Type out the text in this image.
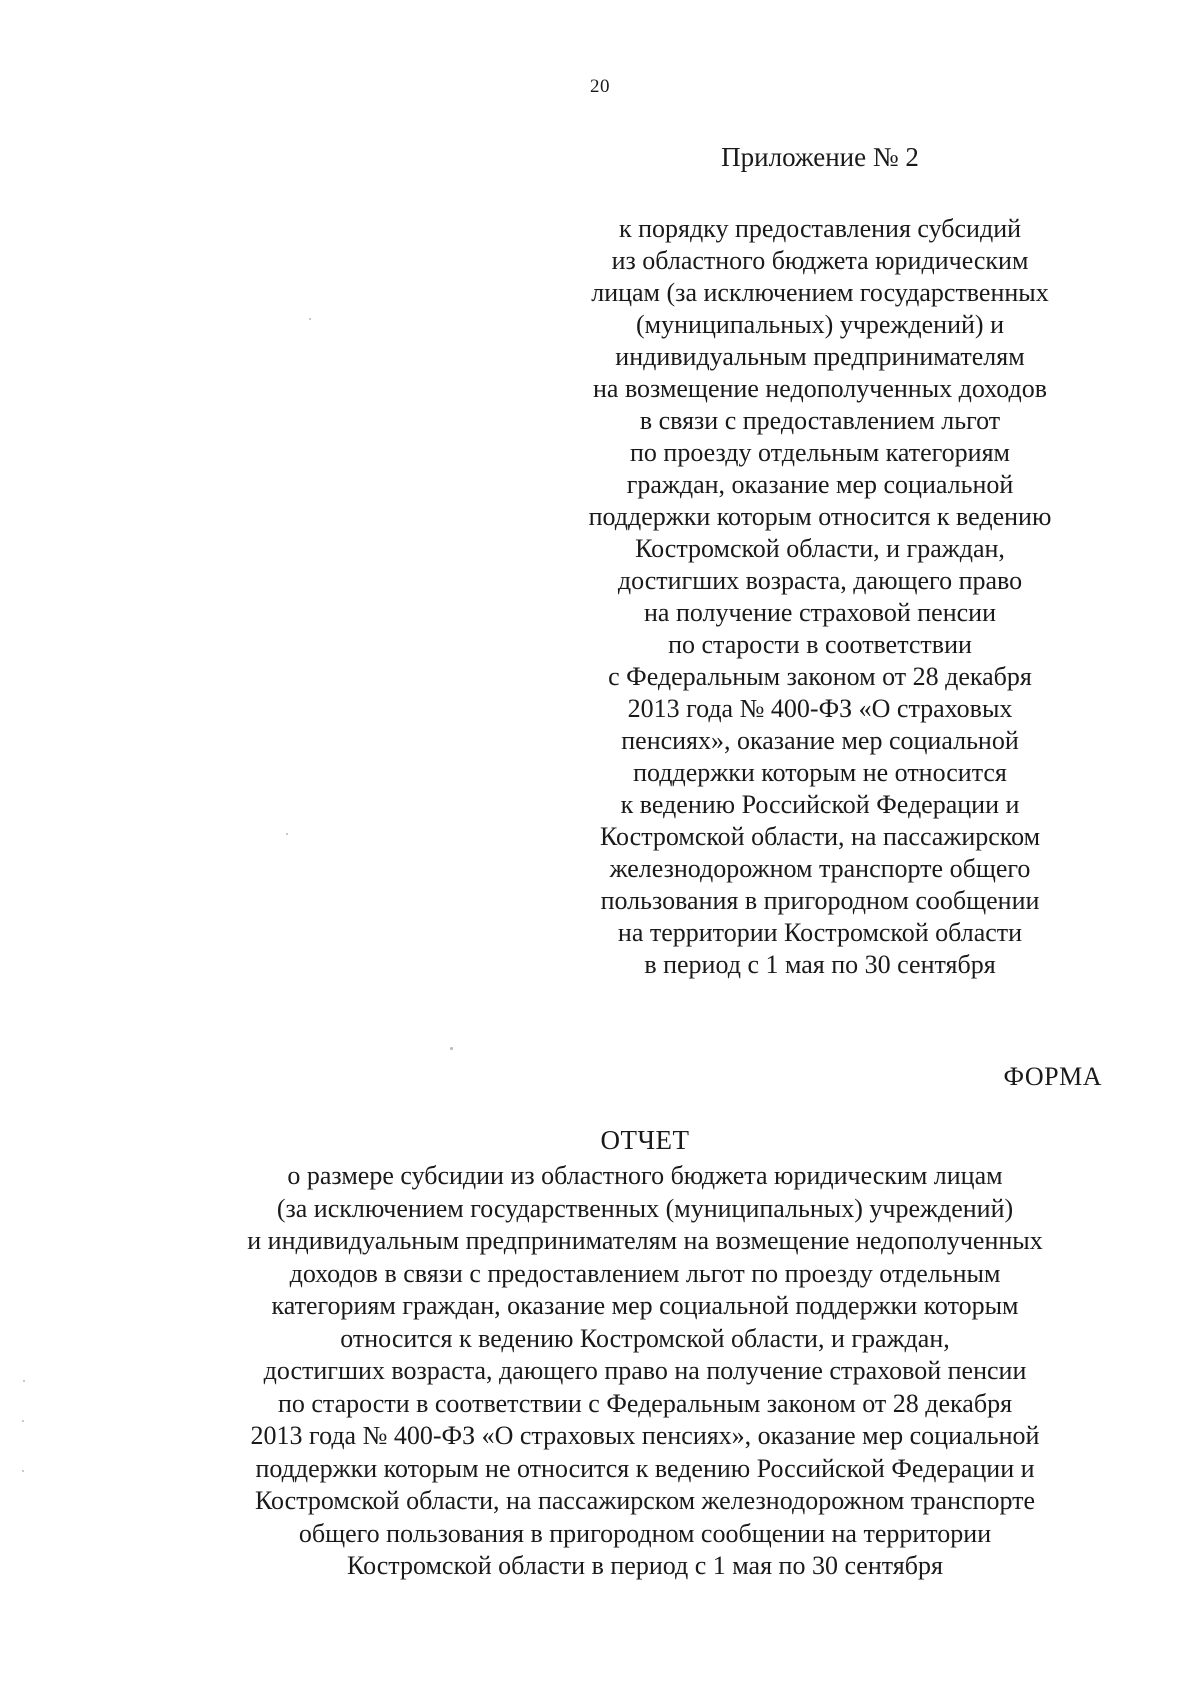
20
Приложение № 2
к порядку предоставления субсидий
из областного бюджета юридическим
лицам (за исключением государственных
(муниципальных) учреждений) и
индивидуальным предпринимателям
на возмещение недополученных доходов
в связи с предоставлением льгот
по проезду отдельным категориям
граждан, оказание мер социальной
поддержки которым относится к ведению
Костромской области, и граждан,
достигших возраста, дающего право
на получение страховой пенсии
по старости в соответствии
с Федеральным законом от 28 декабря
2013 года № 400-ФЗ «О страховых
пенсиях», оказание мер социальной
поддержки которым не относится
к ведению Российской Федерации и
Костромской области, на пассажирском
железнодорожном транспорте общего
пользования в пригородном сообщении
на территории Костромской области
в период с 1 мая по 30 сентября
ФОРМА
ОТЧЕТ
о размере субсидии из областного бюджета юридическим лицам
(за исключением государственных (муниципальных) учреждений)
и индивидуальным предпринимателям на возмещение недополученных
доходов в связи с предоставлением льгот по проезду отдельным
категориям граждан, оказание мер социальной поддержки которым
относится к ведению Костромской области, и граждан,
достигших возраста, дающего право на получение страховой пенсии
по старости в соответствии с Федеральным законом от 28 декабря
2013 года № 400-ФЗ «О страховых пенсиях», оказание мер социальной
поддержки которым не относится к ведению Российской Федерации и
Костромской области, на пассажирском железнодорожном транспорте
общего пользования в пригородном сообщении на территории
Костромской области в период с 1 мая по 30 сентября
